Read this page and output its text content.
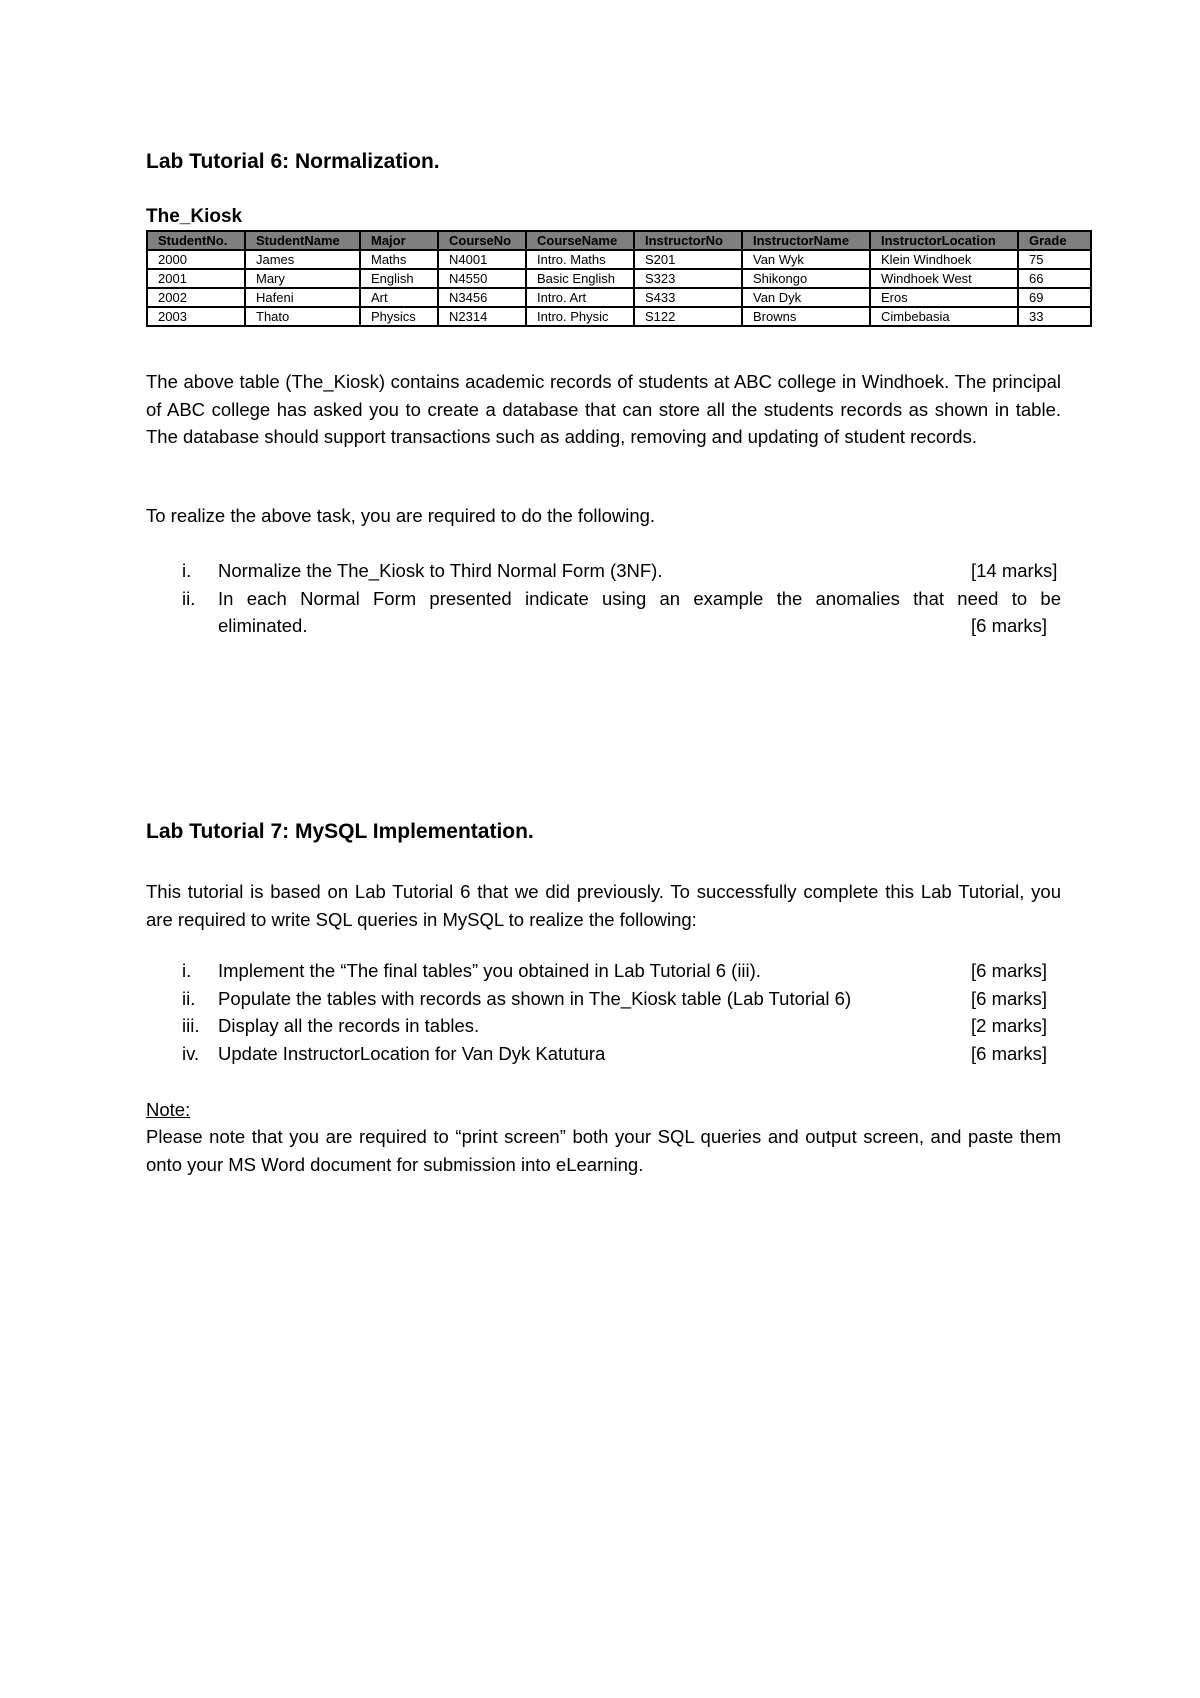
Lab Tutorial 6: Normalization.
The_Kiosk
StudentNo.	StudentName	Major	CourseNo	CourseName	InstructorNo	InstructorName	InstructorLocation	Grade
2000	James	Maths	N4001	Intro. Maths	S201	Van Wyk	Klein Windhoek	75
2001	Mary	English	N4550	Basic English	S323	Shikongo	Windhoek West	66
2002	Hafeni	Art	N3456	Intro. Art	S433	Van Dyk	Eros	69
2003	Thato	Physics	N2314	Intro. Physic	S122	Browns	Cimbebasia	33
The above table (The_Kiosk) contains academic records of students at ABC college in Windhoek. The principal of ABC college has asked you to create a database that can store all the students records as shown in table. The database should support transactions such as adding, removing and updating of student records.
To realize the above task, you are required to do the following.
i.	Normalize the The_Kiosk to Third Normal Form (3NF).	[14 marks]
ii.	In each Normal Form presented indicate using an example the anomalies that need to be
eliminated.	[6 marks]
Lab Tutorial 7: MySQL Implementation.
This tutorial is based on Lab Tutorial 6 that we did previously. To successfully complete this Lab Tutorial, you are required to write SQL queries in MySQL to realize the following:
i.	Implement the “The final tables” you obtained in Lab Tutorial 6 (iii).	[6 marks]
ii.	Populate the tables with records as shown in The_Kiosk table (Lab Tutorial 6)	[6 marks]
iii.	Display all the records in tables.	[2 marks]
iv.	Update InstructorLocation for Van Dyk Katutura	[6 marks]
Note:
Please note that you are required to “print screen” both your SQL queries and output screen, and paste them onto your MS Word document for submission into eLearning.
